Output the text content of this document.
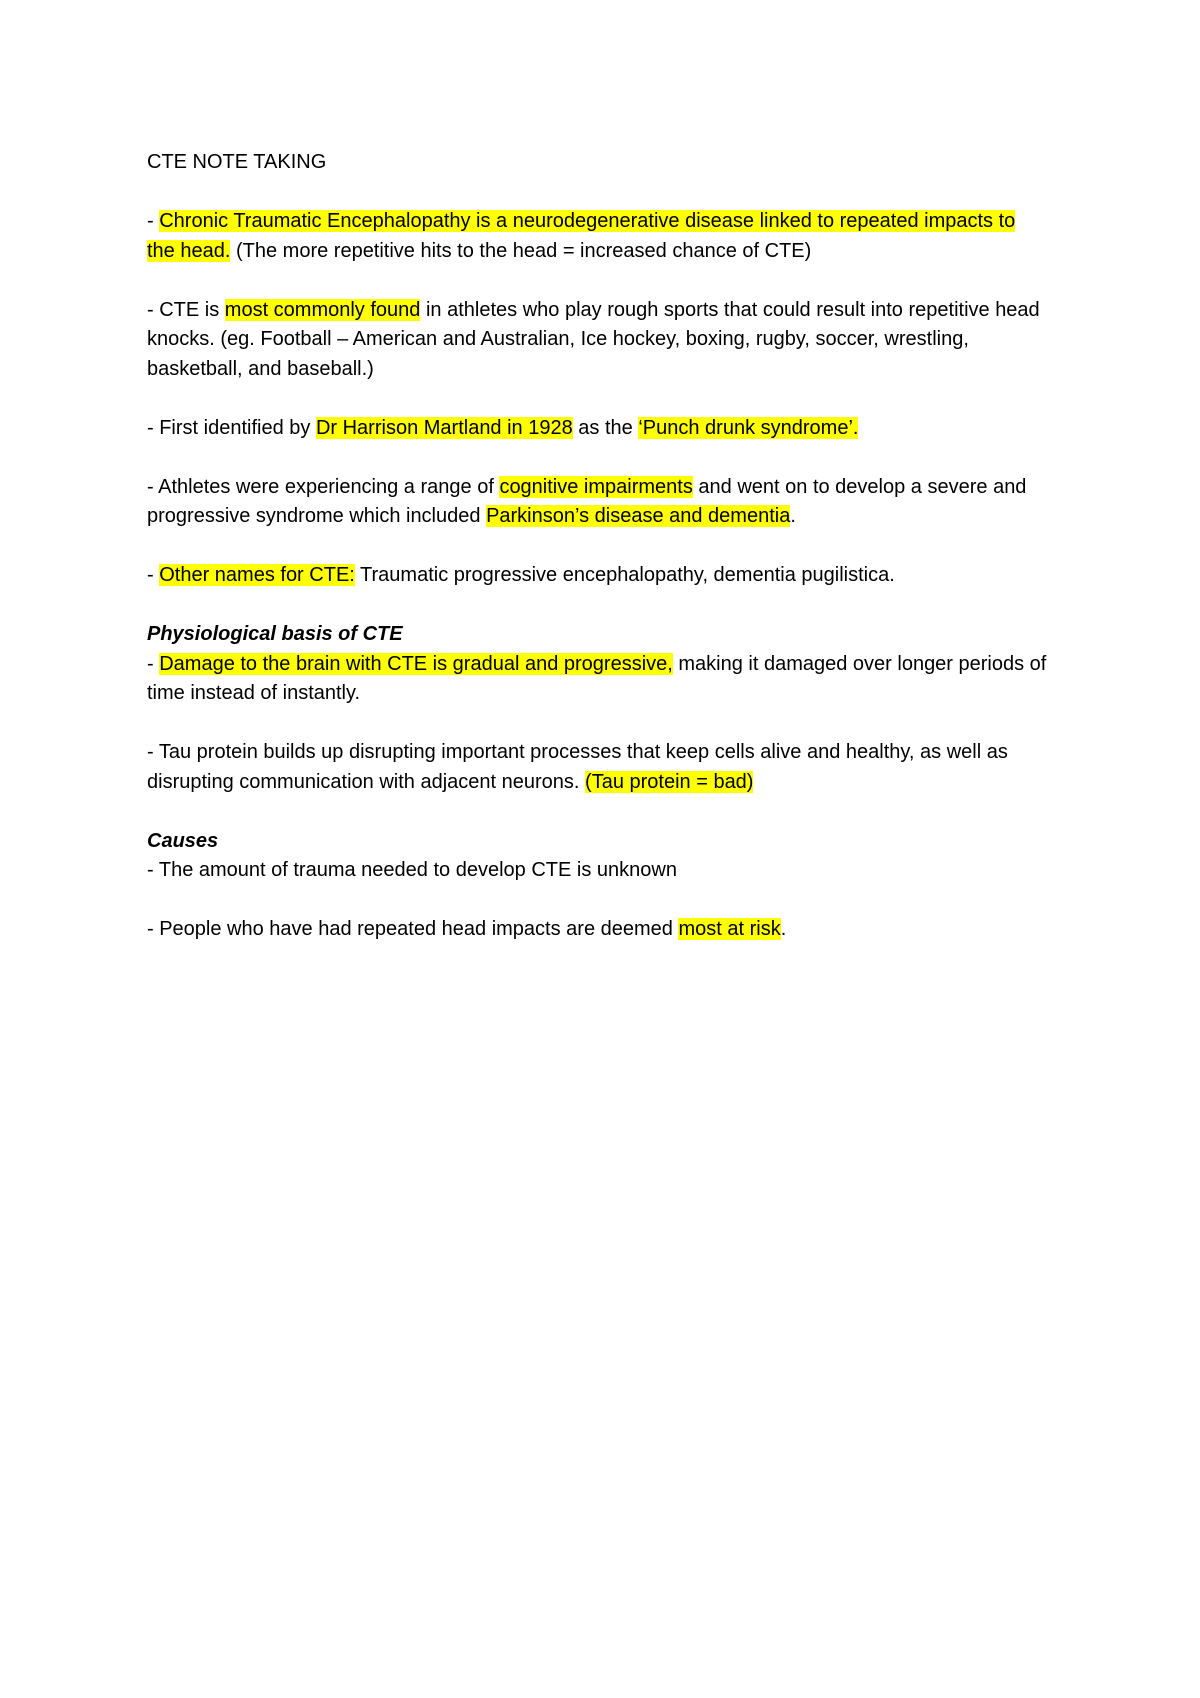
CTE NOTE TAKING
- Chronic Traumatic Encephalopathy is a neurodegenerative disease linked to repeated impacts to the head. (The more repetitive hits to the head = increased chance of CTE)
- CTE is most commonly found in athletes who play rough sports that could result into repetitive head knocks. (eg. Football – American and Australian, Ice hockey, boxing, rugby, soccer, wrestling, basketball, and baseball.)
- First identified by Dr Harrison Martland in 1928 as the ‘Punch drunk syndrome’.
- Athletes were experiencing a range of cognitive impairments and went on to develop a severe and progressive syndrome which included Parkinson’s disease and dementia.
- Other names for CTE: Traumatic progressive encephalopathy, dementia pugilistica.
Physiological basis of CTE
- Damage to the brain with CTE is gradual and progressive, making it damaged over longer periods of time instead of instantly.
- Tau protein builds up disrupting important processes that keep cells alive and healthy, as well as disrupting communication with adjacent neurons. (Tau protein = bad)
Causes
- The amount of trauma needed to develop CTE is unknown
- People who have had repeated head impacts are deemed most at risk.
